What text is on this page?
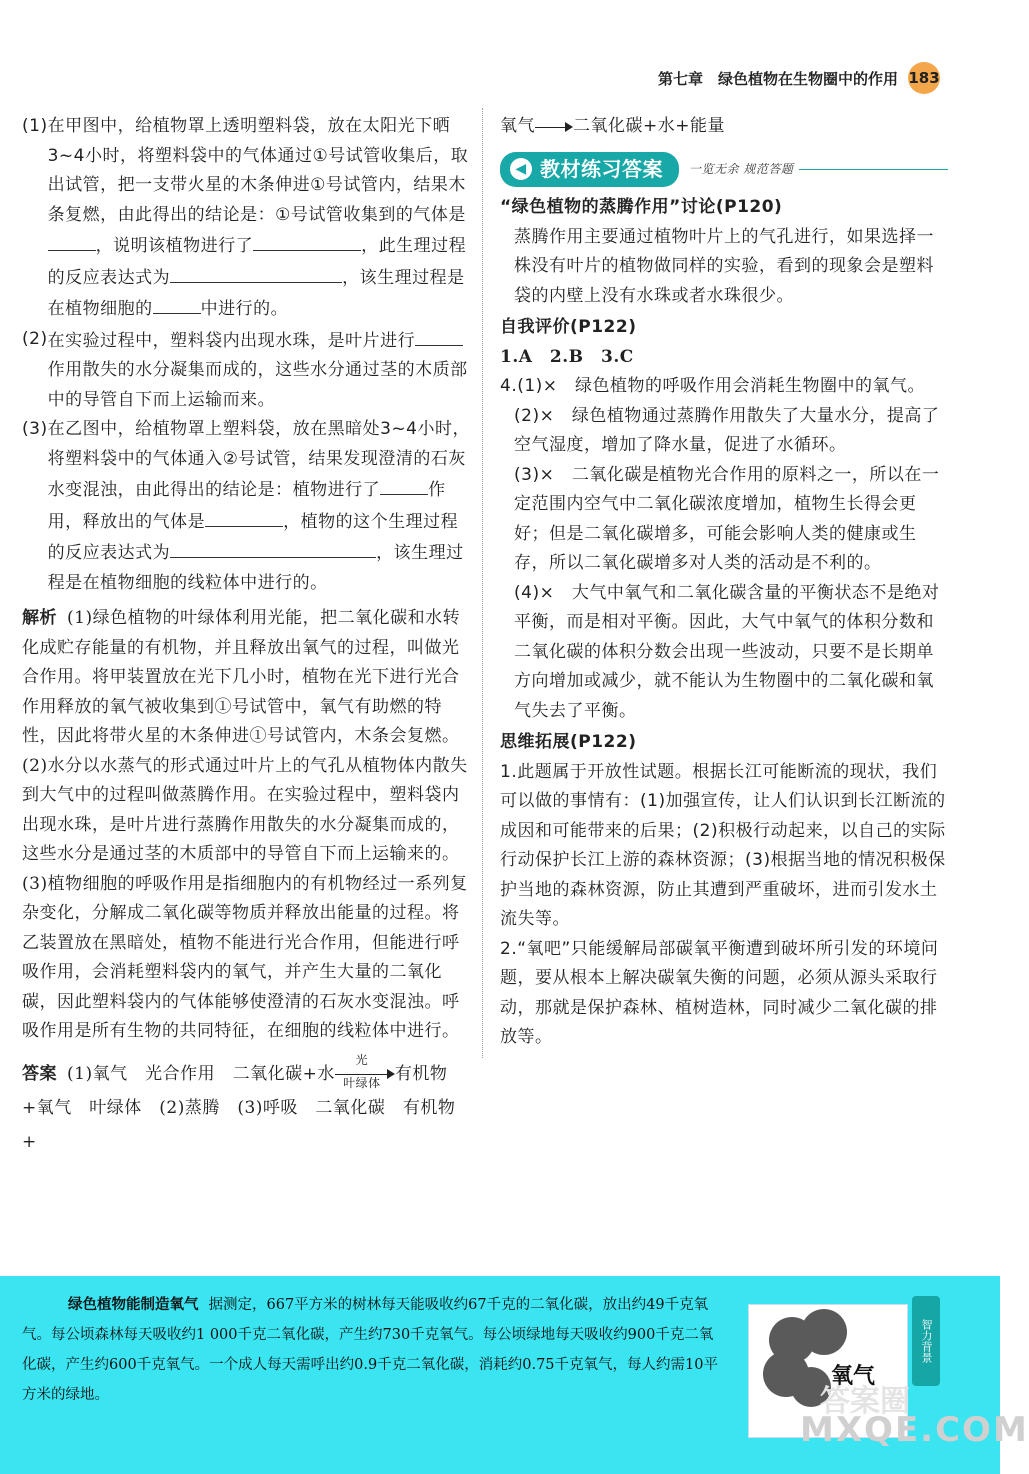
第七章　绿色植物在生物圈中的作用 183
(1) 在甲图中，给植物罩上透明塑料袋，放在太阳光下晒3~4小时，将塑料袋中的气体通过①号试管收集后，取出试管，把一支带火星的木条伸进①号试管内，结果木条复燃，由此得出的结论是：①号试管收集到的气体是，说明该植物进行了	，此生理过程的反应表达式为	，该生理过程是在植物细胞的	中进行的。
(2) 在实验过程中，塑料袋内出现水珠，是叶片进行作用散失的水分凝集而成的，这些水分通过茎的木质部中的导管自下而上运输而来。
(3) 在乙图中，给植物罩上塑料袋，放在黑暗处3~4小时，将塑料袋中的气体通入②号试管，结果发现澄清的石灰水变混浊，由此得出的结论是：植物进行了	作用，释放出的气体是	，植物的这个生理过程的反应表达式为	，该生理过程是在植物细胞的线粒体中进行的。
解析 (1)绿色植物的叶绿体利用光能，把二氧化碳和水转化成贮存能量的有机物，并且释放出氧气的过程，叫做光合作用。将甲装置放在光下几小时，植物在光下进行光合作用释放的氧气被收集到①号试管中，氧气有助燃的特性，因此将带火星的木条伸进①号试管内，木条会复燃。(2)水分以水蒸气的形式通过叶片上的气孔从植物体内散失到大气中的过程叫做蒸腾作用。在实验过程中，塑料袋内出现水珠，是叶片进行蒸腾作用散失的水分凝集而成的，这些水分是通过茎的木质部中的导管自下而上运输来的。(3)植物细胞的呼吸作用是指细胞内的有机物经过一系列复杂变化，分解成二氧化碳等物质并释放出能量的过程。将乙装置放在黑暗处，植物不能进行光合作用，但能进行呼吸作用，会消耗塑料袋内的氧气，并产生大量的二氧化碳，因此塑料袋内的气体能够使澄清的石灰水变混浊。呼吸作用是所有生物的共同特征，在细胞的线粒体中进行。
答案 (1)氧气　光合作用　二氧化碳+水
光
叶绿体 有机物+氧气　叶绿体　(2)蒸腾　(3)呼吸　二氧化碳　有机物+
氧气 二氧化碳+水+能量
◀ 教材练习答案 一览无余 规范答题
“绿色植物的蒸腾作用”讨论(P120)
蒸腾作用主要通过植物叶片上的气孔进行，如果选择一株没有叶片的植物做同样的实验，看到的现象会是塑料袋的内壁上没有水珠或者水珠很少。
自我评价(P122)
1.A　2.B　3.C
4.(1)×　绿色植物的呼吸作用会消耗生物圈中的氧气。
(2)×　绿色植物通过蒸腾作用散失了大量水分，提高了空气湿度，增加了降水量，促进了水循环。
(3)×　二氧化碳是植物光合作用的原料之一，所以在一定范围内空气中二氧化碳浓度增加，植物生长得会更好；但是二氧化碳增多，可能会影响人类的健康或生存，所以二氧化碳增多对人类的活动是不利的。
(4)×　大气中氧气和二氧化碳含量的平衡状态不是绝对平衡，而是相对平衡。因此，大气中氧气的体积分数和二氧化碳的体积分数会出现一些波动，只要不是长期单方向增加或减少，就不能认为生物圈中的二氧化碳和氧气失去了平衡。
思维拓展(P122)
1.此题属于开放性试题。根据长江可能断流的现状，我们可以做的事情有：(1)加强宣传，让人们认识到长江断流的成因和可能带来的后果；(2)积极行动起来，以自己的实际行动保护长江上游的森林资源；(3)根据当地的情况积极保护当地的森林资源，防止其遭到严重破坏，进而引发水土流失等。
2.“氧吧”只能缓解局部碳氧平衡遭到破坏所引发的环境问题，要从根本上解决碳氧失衡的问题，必须从源头采取行动，那就是保护森林、植树造林，同时减少二氧化碳的排放等。
绿色植物能制造氧气 据测定，667平方米的树林每天能吸收约67千克的二氧化碳，放出约49千克氧气。每公顷森林每天吸收约1 000千克二氧化碳，产生约730千克氧气。每公顷绿地每天吸收约900千克二氧化碳，产生约600千克氧气。一个成人每天需呼出约0.9千克二氧化碳，消耗约0.75千克氧气，每人约需10平方米的绿地。
氧气
智力背景
答案圈
MXQE.COM
